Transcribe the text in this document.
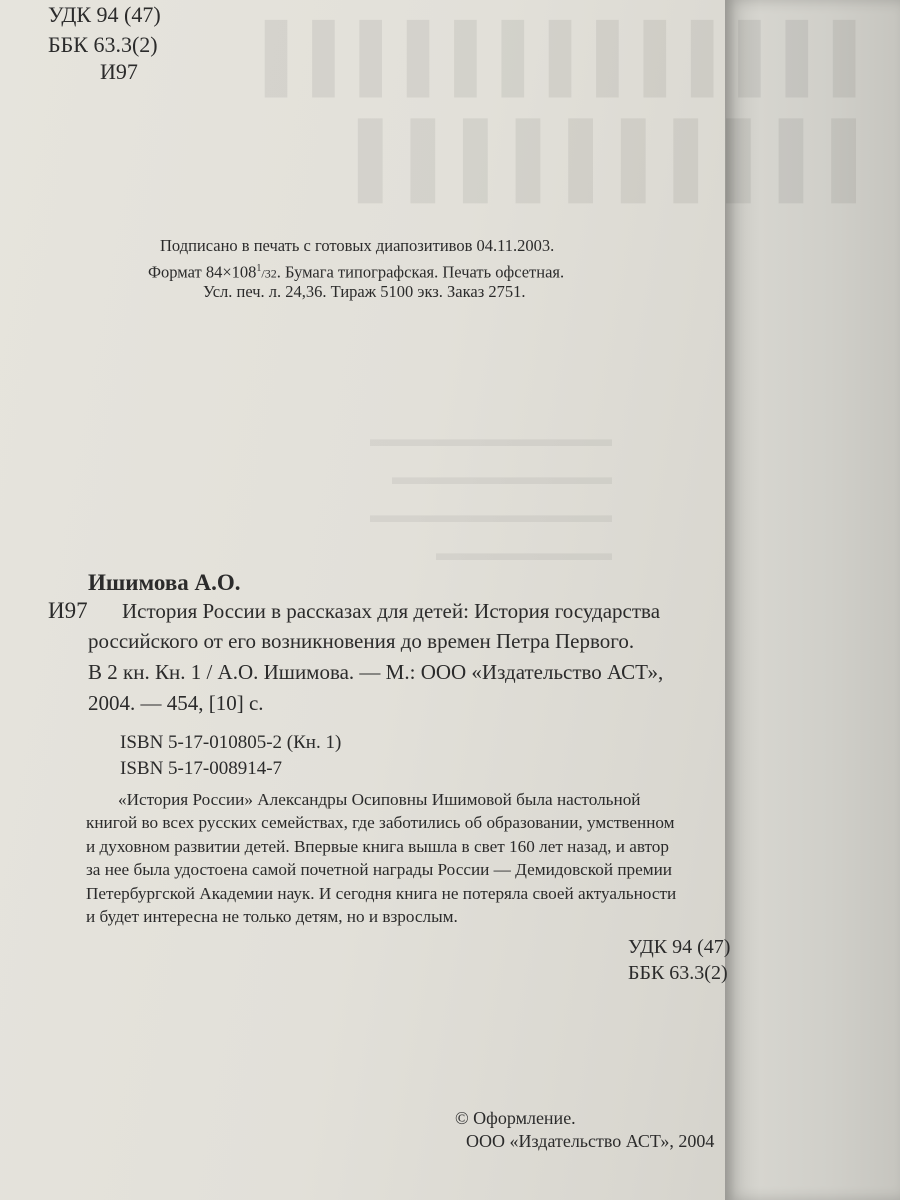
▌▌▌▌▌▌▌▌▌▌▌▌▌
▌▌▌▌▌▌▌▌▌▌
▬▬▬▬▬▬▬▬▬▬▬
▬▬▬▬▬▬▬▬▬▬
▬▬▬▬▬▬▬▬▬▬▬
▬▬▬▬▬▬▬▬
УДК 94 (47)
ББК 63.3(2)
И97
Подписано в печать с готовых диапозитивов 04.11.2003.
Формат $84\times 108^1/32$. Бумага типографская. Печать офсетная.
Усл. печ. л. 24,36. Тираж 5100 экз. Заказ 2751.
Ишимова А.О.
И97 История России в рассказах для детей: История государства
российского от его возникновения до времен Петра Первого.
В 2 кн. Кн. 1 / А.О. Ишимова. — М.: ООО «Издательство АСТ»,
2004. — 454, [10] с.
ISBN 5-17-010805-2 (Кн. 1)
ISBN 5-17-008914-7
«История России» Александры Осиповны Ишимовой была настольной
книгой во всех русских семействах, где заботились об образовании, умственном
и духовном развитии детей. Впервые книга вышла в свет 160 лет назад, и автор
за нее была удостоена самой почетной награды России — Демидовской премии
Петербургской Академии наук. И сегодня книга не потеряла своей актуальности
и будет интересна не только детям, но и взрослым.
УДК 94 (47)
ББК 63.3(2)
© Оформление.
ООО «Издательство АСТ», 2004
